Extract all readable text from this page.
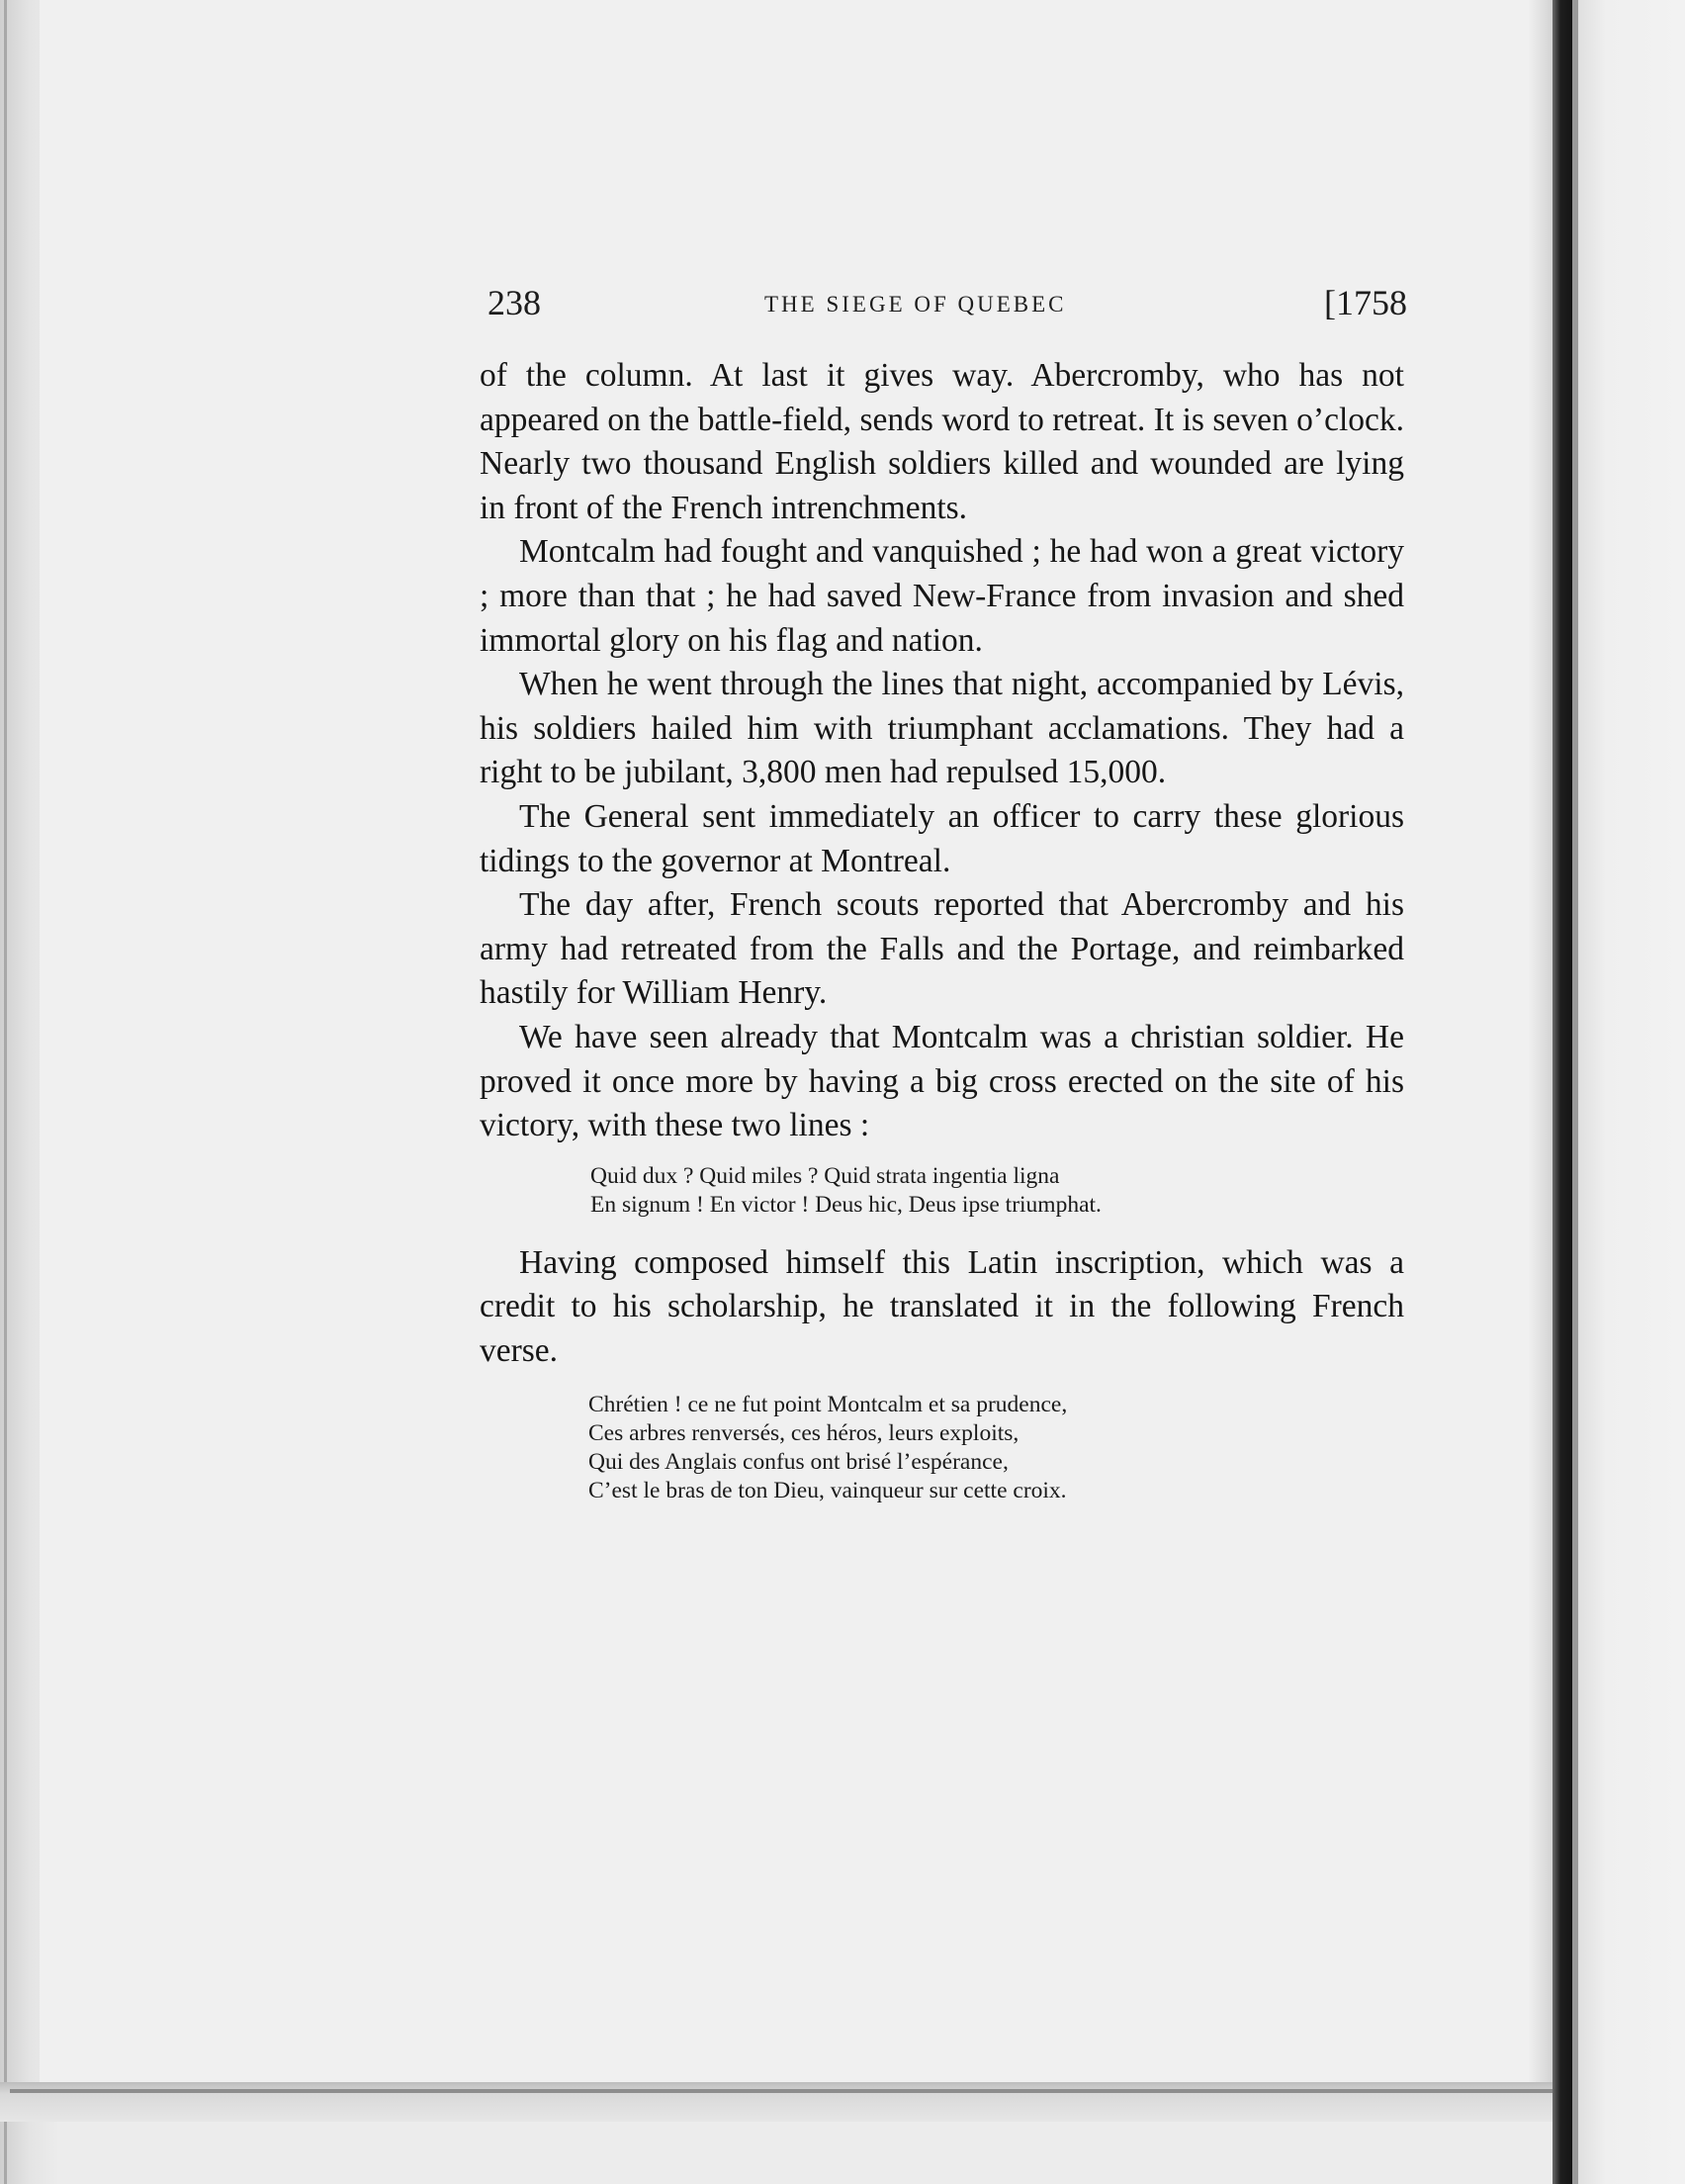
238	THE SIEGE OF QUEBEC	[1758

of the column. At last it gives way. Abercromby, who has not appeared on the battle-field, sends word to retreat. It is seven o’clock. Nearly two thousand English soldiers killed and wounded are lying in front of the French intrenchments.

Montcalm had fought and vanquished ; he had won a great victory ; more than that ; he had saved New-France from invasion and shed immortal glory on his flag and nation.

When he went through the lines that night, accompanied by Lévis, his soldiers hailed him with triumphant acclamations. They had a right to be jubilant, 3,800 men had repulsed 15,000.

The General sent immediately an officer to carry these glorious tidings to the governor at Montreal.

The day after, French scouts reported that Abercromby and his army had retreated from the Falls and the Portage, and reimbarked hastily for William Henry.

We have seen already that Montcalm was a christian soldier. He proved it once more by having a big cross erected on the site of his victory, with these two lines :

Quid dux ? Quid miles ? Quid strata ingentia ligna
En signum ! En victor ! Deus hic, Deus ipse triumphat.

Having composed himself this Latin inscription, which was a credit to his scholarship, he translated it in the following French verse.

Chrétien ! ce ne fut point Montcalm et sa prudence,
Ces arbres renversés, ces héros, leurs exploits,
Qui des Anglais confus ont brisé l’espérance,
C’est le bras de ton Dieu, vainqueur sur cette croix.
